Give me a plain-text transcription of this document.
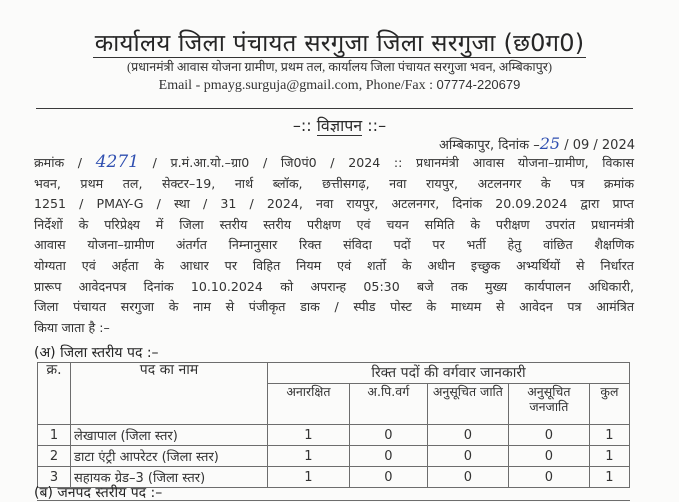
कार्यालय जिला पंचायत सरगुजा जिला सरगुजा (छ0ग0)
(प्रधानमंत्री आवास योजना ग्रामीण, प्रथम तल, कार्यालय जिला पंचायत सरगुजा भवन, अम्बिकापुर)
Email - pmayg.surguja@gmail.com, Phone/Fax : 07774-220679
–:: विज्ञापन ::–
अम्बिकापुर, दिनांक –25 / 09 / 2024
क्रमांक / 4271 / प्र.मं.आ.यो.–ग्रा0 / जि0पं0 / 2024 :: प्रधानमंत्री आवास योजना–ग्रामीण, विकास
भवन, प्रथम तल, सेक्टर–19, नार्थ ब्लॉक, छत्तीसगढ़, नवा रायपुर, अटलनगर के पत्र क्रमांक
1251 / PMAY-G / स्था / 31 / 2024, नवा रायपुर, अटलनगर, दिनांक 20.09.2024 द्वारा प्राप्त
निर्देशों के परिप्रेक्ष्य में जिला स्तरीय स्तरीय परीक्षण एवं चयन समिति के परीक्षण उपरांत प्रधानमंत्री
आवास योजना–ग्रामीण अंतर्गत निम्नानुसार रिक्त संविदा पदों पर भर्ती हेतु वांछित शैक्षणिक
योग्यता एवं अर्हता के आधार पर विहित नियम एवं शर्तो के अधीन इच्छुक अभ्यर्थियों से निर्धारत
प्रारूप आवेदनपत्र दिनांक 10.10.2024 को अपरान्ह 05:30 बजे तक मुख्य कार्यपालन अधिकारी,
जिला पंचायत सरगुजा के नाम से पंजीकृत डाक / स्पीड पोस्ट के माध्यम से आवेदन पत्र आमंत्रित
किया जाता है :–
(अ) जिला स्तरीय पद :–
क्र.	पद का नाम	रिक्त पदों की वर्गवार जानकारी				
		अनारक्षित	अ.पि.वर्ग	अनुसूचित जाति	अनुसूचित जनजाति	कुल
1	लेखापाल (जिला स्तर)	1	0	0	0	1
2	डाटा एंट्री आपरेटर (जिला स्तर)	1	0	0	0	1
3	सहायक ग्रेड–3 (जिला स्तर)	1	0	0	0	1
(ब) जनपद स्तरीय पद :–
